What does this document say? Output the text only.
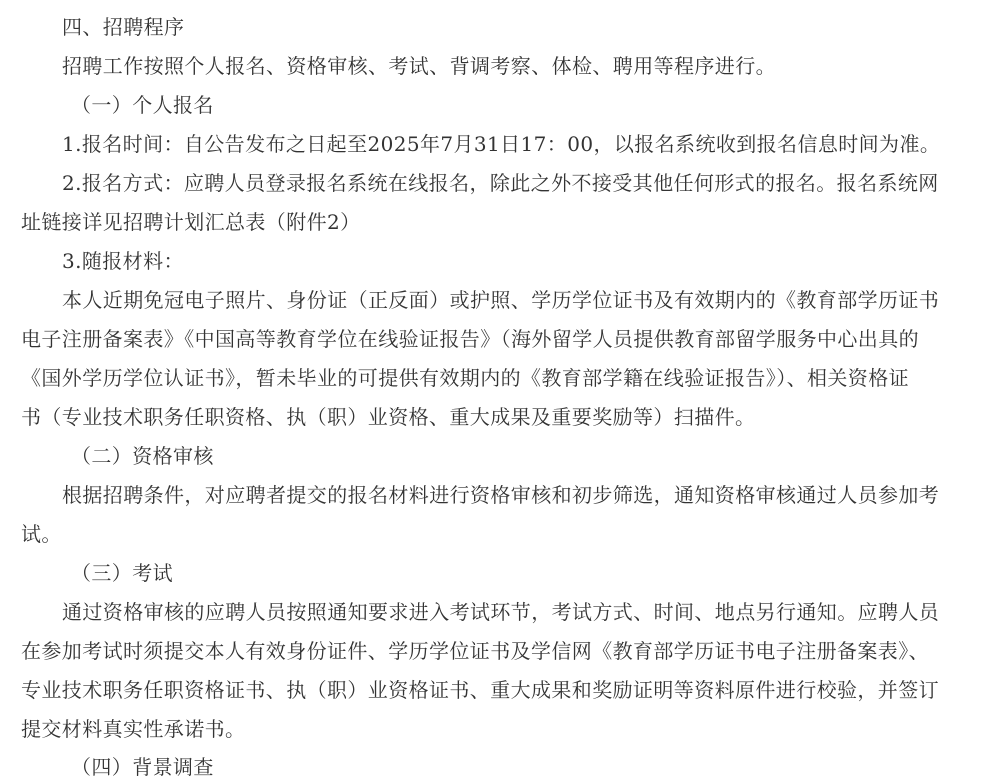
四、招聘程序
招聘工作按照个人报名、资格审核、考试、背调考察、体检、聘用等程序进行。
（一）个人报名
1.报名时间：自公告发布之日起至2025年7月31日17：00，以报名系统收到报名信息时间为准。
2.报名方式：应聘人员登录报名系统在线报名，除此之外不接受其他任何形式的报名。报名系统网
址链接详见招聘计划汇总表（附件2）
3.随报材料：
本人近期免冠电子照片、身份证（正反面）或护照、学历学位证书及有效期内的《教育部学历证书
电子注册备案表》《中国高等教育学位在线验证报告》（海外留学人员提供教育部留学服务中心出具的
《国外学历学位认证书》，暂未毕业的可提供有效期内的《教育部学籍在线验证报告》）、相关资格证
书（专业技术职务任职资格、执（职）业资格、重大成果及重要奖励等）扫描件。
（二）资格审核
根据招聘条件，对应聘者提交的报名材料进行资格审核和初步筛选，通知资格审核通过人员参加考
试。
（三）考试
通过资格审核的应聘人员按照通知要求进入考试环节，考试方式、时间、地点另行通知。应聘人员
在参加考试时须提交本人有效身份证件、学历学位证书及学信网《教育部学历证书电子注册备案表》、
专业技术职务任职资格证书、执（职）业资格证书、重大成果和奖励证明等资料原件进行校验，并签订
提交材料真实性承诺书。
（四）背景调查
